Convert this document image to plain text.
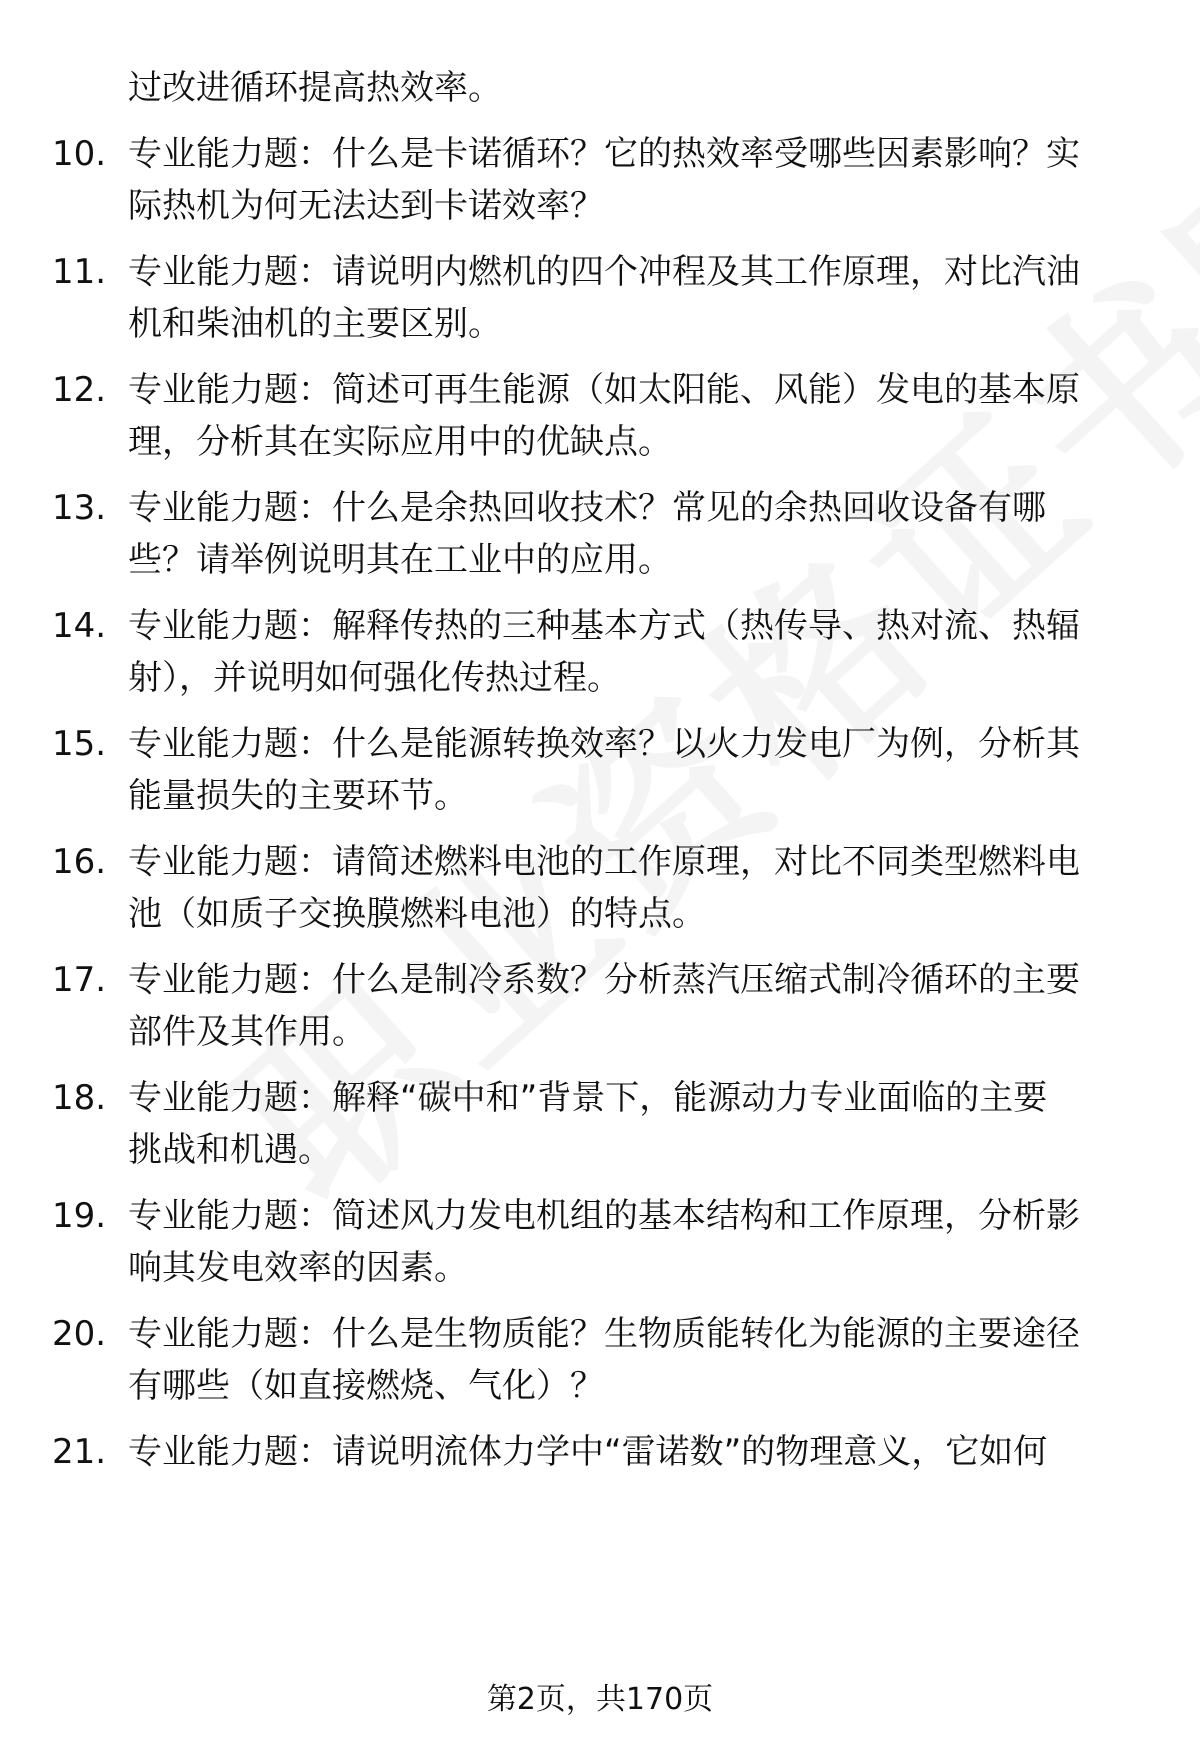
过改进循环提高热效率。
10. 专业能力题：什么是卡诺循环？它的热效率受哪些因素影响？实
际热机为何无法达到卡诺效率？
11. 专业能力题：请说明内燃机的四个冲程及其工作原理，对比汽油
机和柴油机的主要区别。
12. 专业能力题：简述可再生能源（如太阳能、风能）发电的基本原
理，分析其在实际应用中的优缺点。
13. 专业能力题：什么是余热回收技术？常见的余热回收设备有哪
些？请举例说明其在工业中的应用。
14. 专业能力题：解释传热的三种基本方式（热传导、热对流、热辐
射），并说明如何强化传热过程。
15. 专业能力题：什么是能源转换效率？以火力发电厂为例，分析其
能量损失的主要环节。
16. 专业能力题：请简述燃料电池的工作原理，对比不同类型燃料电
池（如质子交换膜燃料电池）的特点。
17. 专业能力题：什么是制冷系数？分析蒸汽压缩式制冷循环的主要
部件及其作用。
18. 专业能力题：解释“碳中和”背景下，能源动力专业面临的主要
挑战和机遇。
19. 专业能力题：简述风力发电机组的基本结构和工作原理，分析影
响其发电效率的因素。
20. 专业能力题：什么是生物质能？生物质能转化为能源的主要途径
有哪些（如直接燃烧、气化）？
21. 专业能力题：请说明流体力学中“雷诺数”的物理意义，它如何
第2页，共170页
